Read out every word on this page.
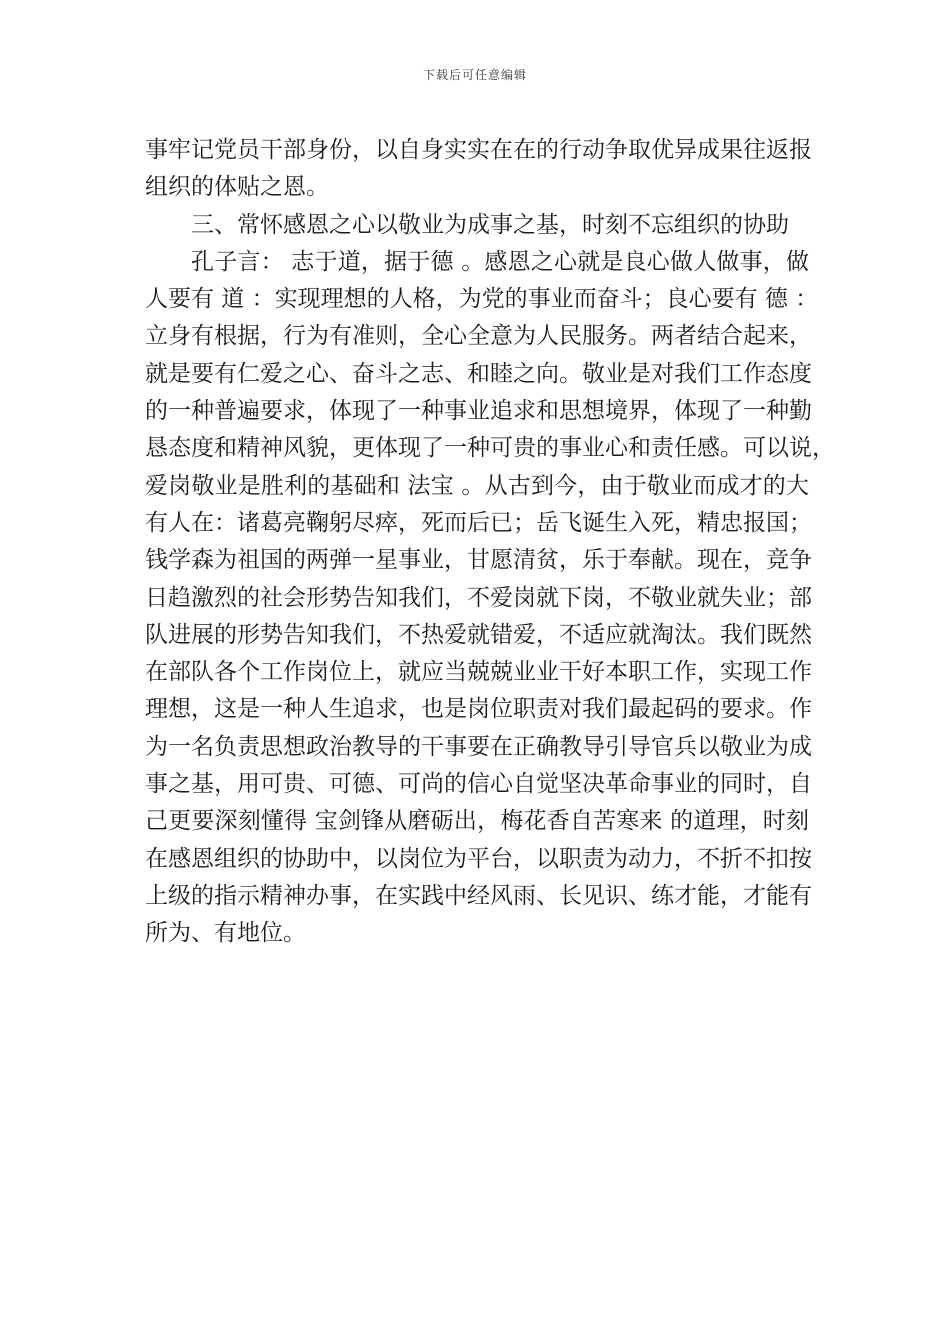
下载后可任意编辑
事牢记党员干部身份，以自身实实在在的行动争取优异成果往返报
组织的体贴之恩。
三、常怀感恩之心以敬业为成事之基，时刻不忘组织的协助
孔子言： 志于道，据于德 。感恩之心就是良心做人做事，做
人要有 道 ：实现理想的人格，为党的事业而奋斗；良心要有 德 ：
立身有根据，行为有准则，全心全意为人民服务。两者结合起来，
就是要有仁爱之心、奋斗之志、和睦之向。敬业是对我们工作态度
的一种普遍要求，体现了一种事业追求和思想境界，体现了一种勤
恳态度和精神风貌，更体现了一种可贵的事业心和责任感。可以说，
爱岗敬业是胜利的基础和 法宝 。从古到今，由于敬业而成才的大
有人在：诸葛亮鞠躬尽瘁，死而后已；岳飞诞生入死，精忠报国；
钱学森为祖国的两弹一星事业，甘愿清贫，乐于奉献。现在，竞争
日趋激烈的社会形势告知我们，不爱岗就下岗，不敬业就失业；部
队进展的形势告知我们，不热爱就错爱，不适应就淘汰。我们既然
在部队各个工作岗位上，就应当兢兢业业干好本职工作，实现工作
理想，这是一种人生追求，也是岗位职责对我们最起码的要求。作
为一名负责思想政治教导的干事要在正确教导引导官兵以敬业为成
事之基，用可贵、可德、可尚的信心自觉坚决革命事业的同时，自
己更要深刻懂得 宝剑锋从磨砺出，梅花香自苦寒来 的道理，时刻
在感恩组织的协助中，以岗位为平台，以职责为动力，不折不扣按
上级的指示精神办事，在实践中经风雨、长见识、练才能，才能有
所为、有地位。
